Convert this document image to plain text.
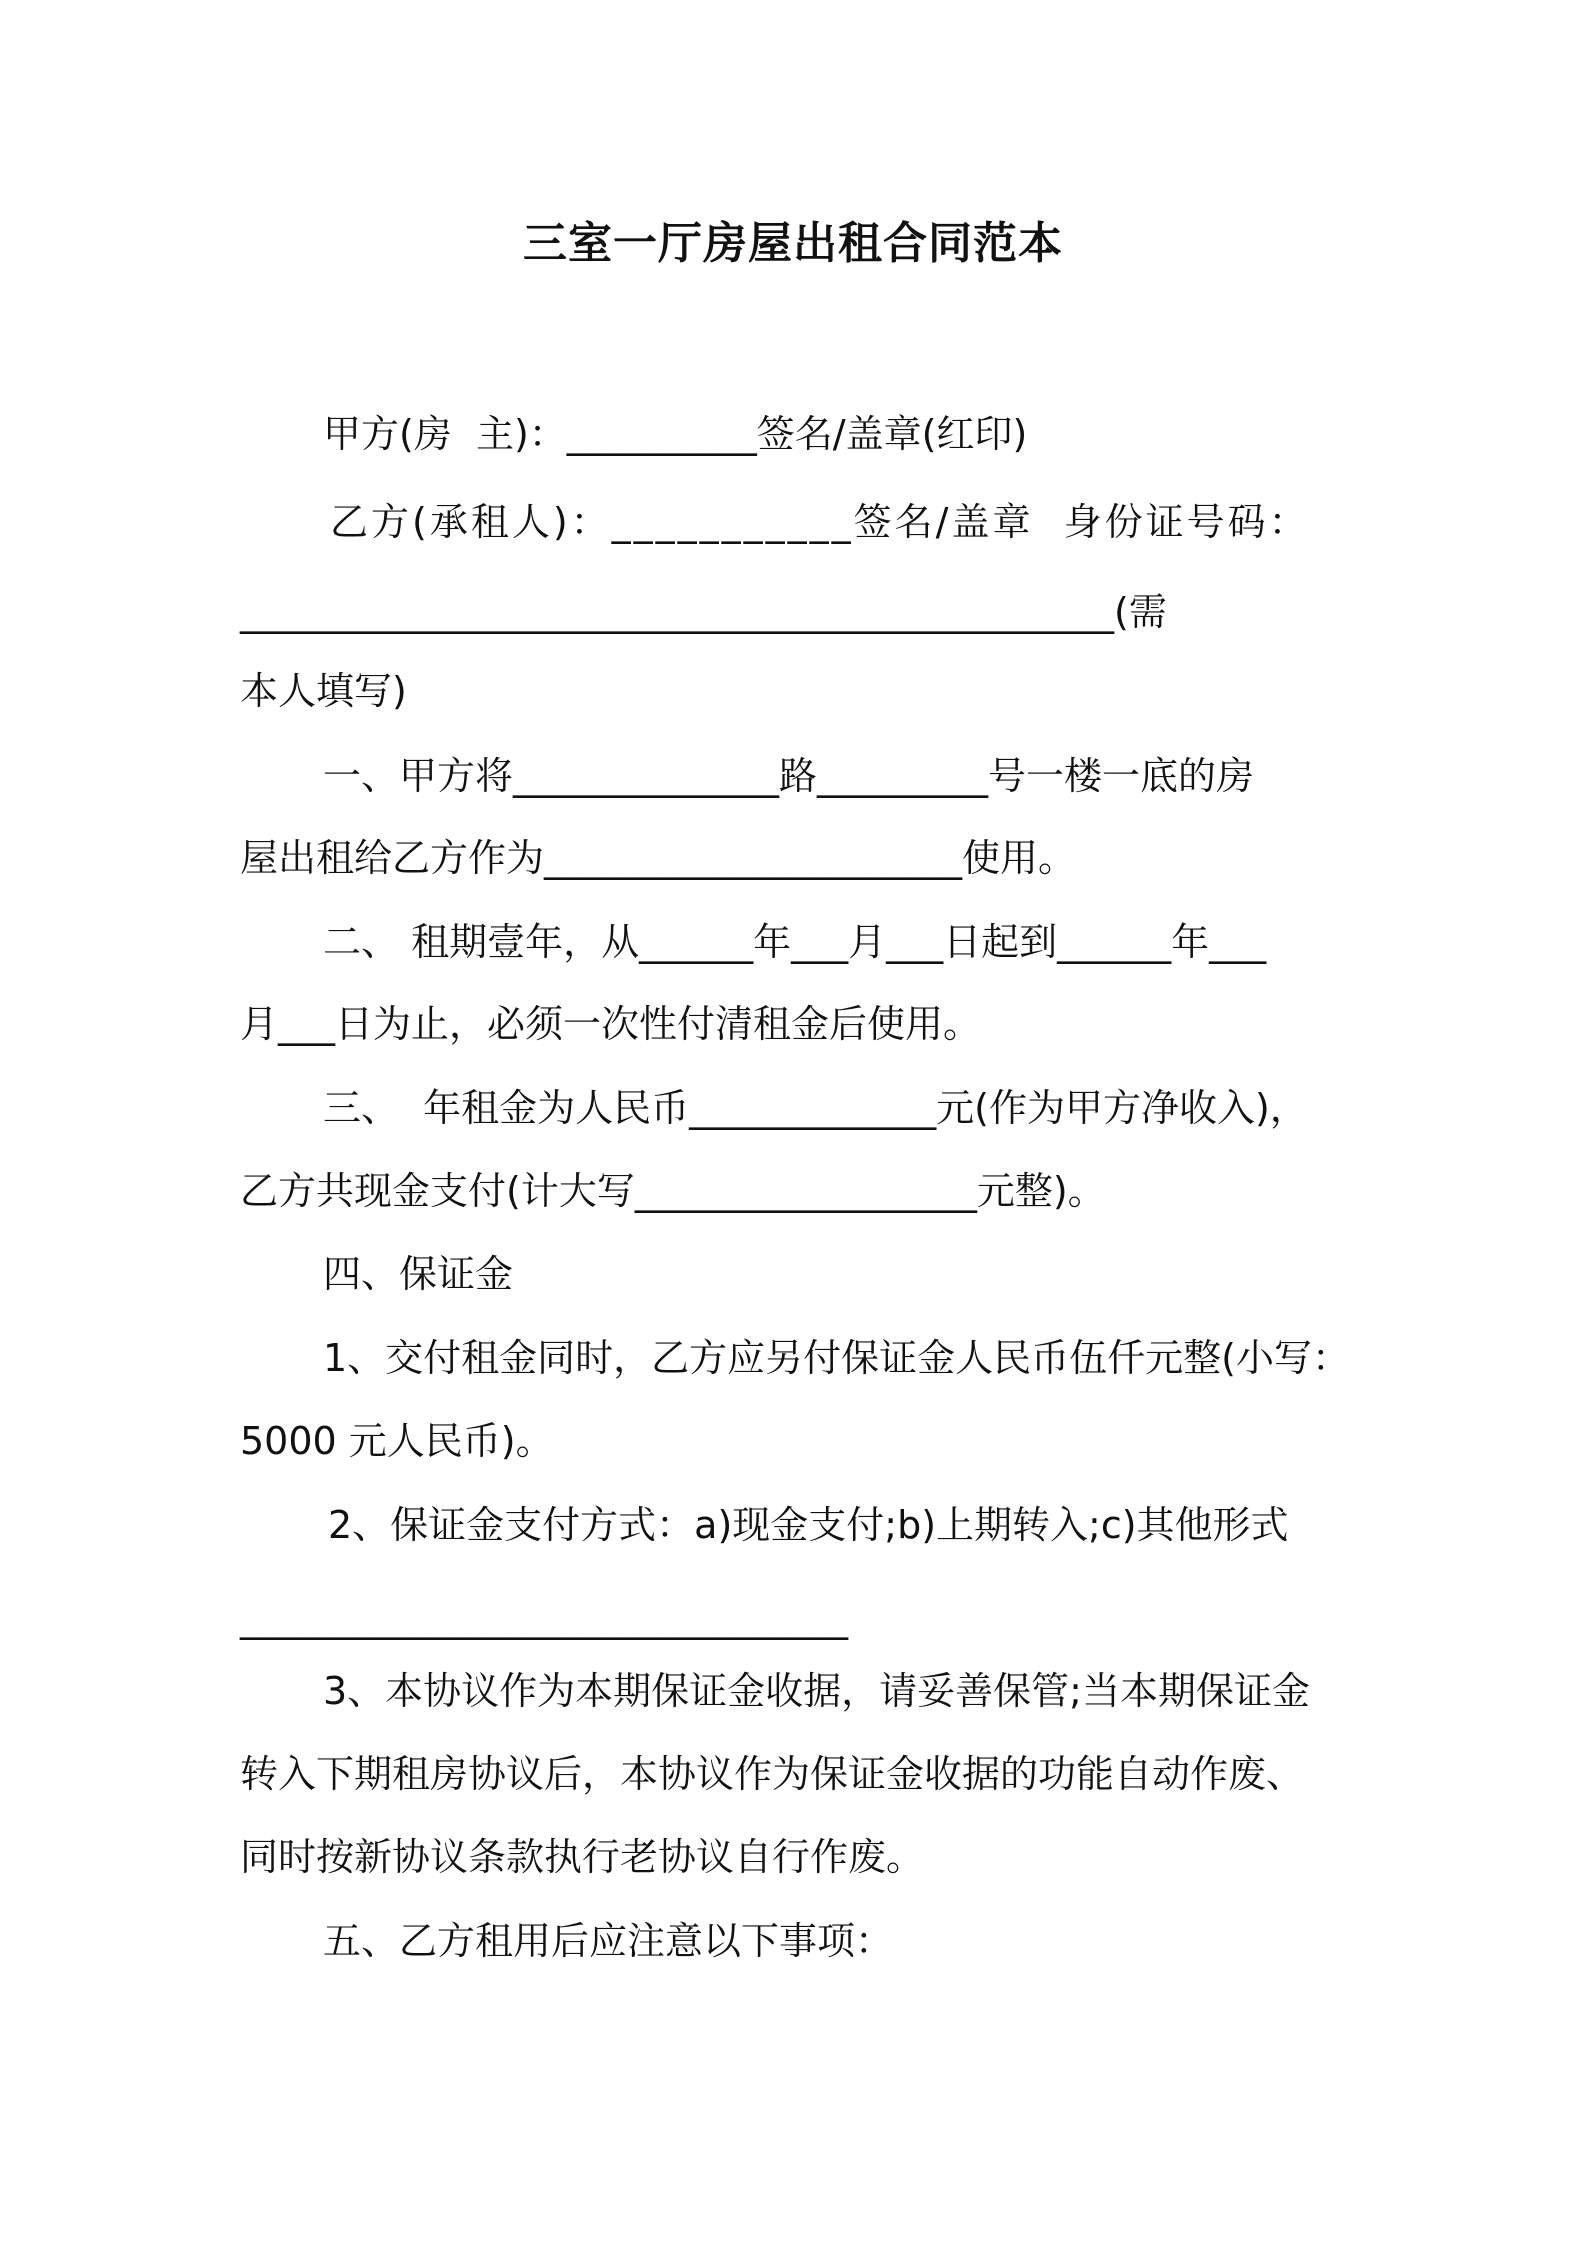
三室一厅房屋出租合同范本
甲方(房  主)：__________签名/盖章(红印)
乙方(承租人)：___________签名/盖章  身份证号码：
______________________________________________(需
本人填写)
一、甲方将______________路_________号一楼一底的房
屋出租给乙方作为______________________使用。
二、 租期壹年，从______年___月___日起到______年___
月___日为止，必须一次性付清租金后使用。
三、  年租金为人民币_____________元(作为甲方净收入)，
乙方共现金支付(计大写__________________元整)。
四、保证金
1、交付租金同时，乙方应另付保证金人民币伍仟元整(小写：
5000 元人民币)。
2、保证金支付方式：a)现金支付;b)上期转入;c)其他形式
________________________________
3、本协议作为本期保证金收据，请妥善保管;当本期保证金
转入下期租房协议后，本协议作为保证金收据的功能自动作废、
同时按新协议条款执行老协议自行作废。
五、乙方租用后应注意以下事项：
